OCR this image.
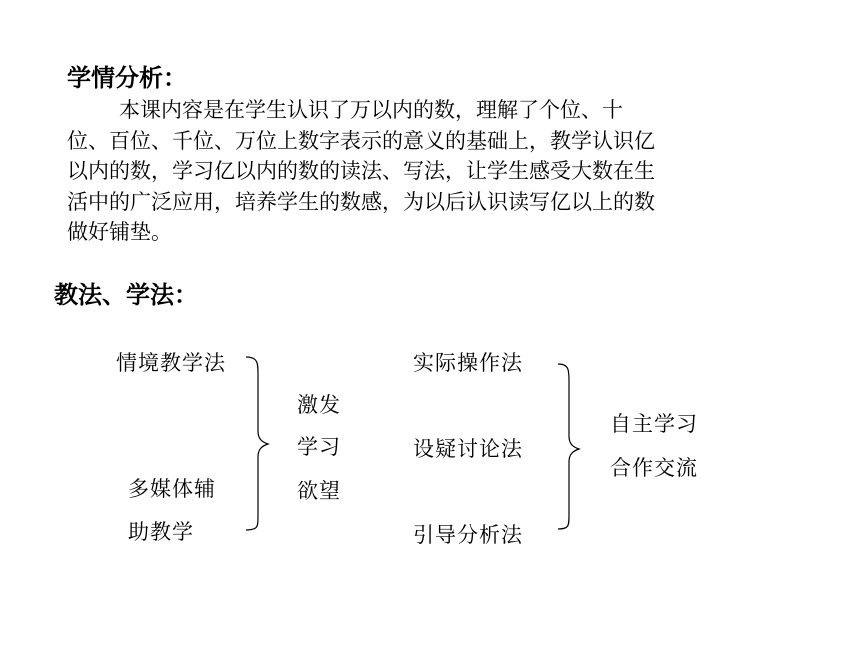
学情分析：
本课内容是在学生认识了万以内的数，理解了个位、十
位、百位、千位、万位上数字表示的意义的基础上，教学认识亿
以内的数，学习亿以内的数的读法、写法，让学生感受大数在生
活中的广泛应用，培养学生的数感，为以后认识读写亿以上的数
做好铺垫。
教法、学法：
情境教学法
多媒体辅
助教学
激发
学习
欲望
实际操作法
设疑讨论法
引导分析法
自主学习
合作交流
